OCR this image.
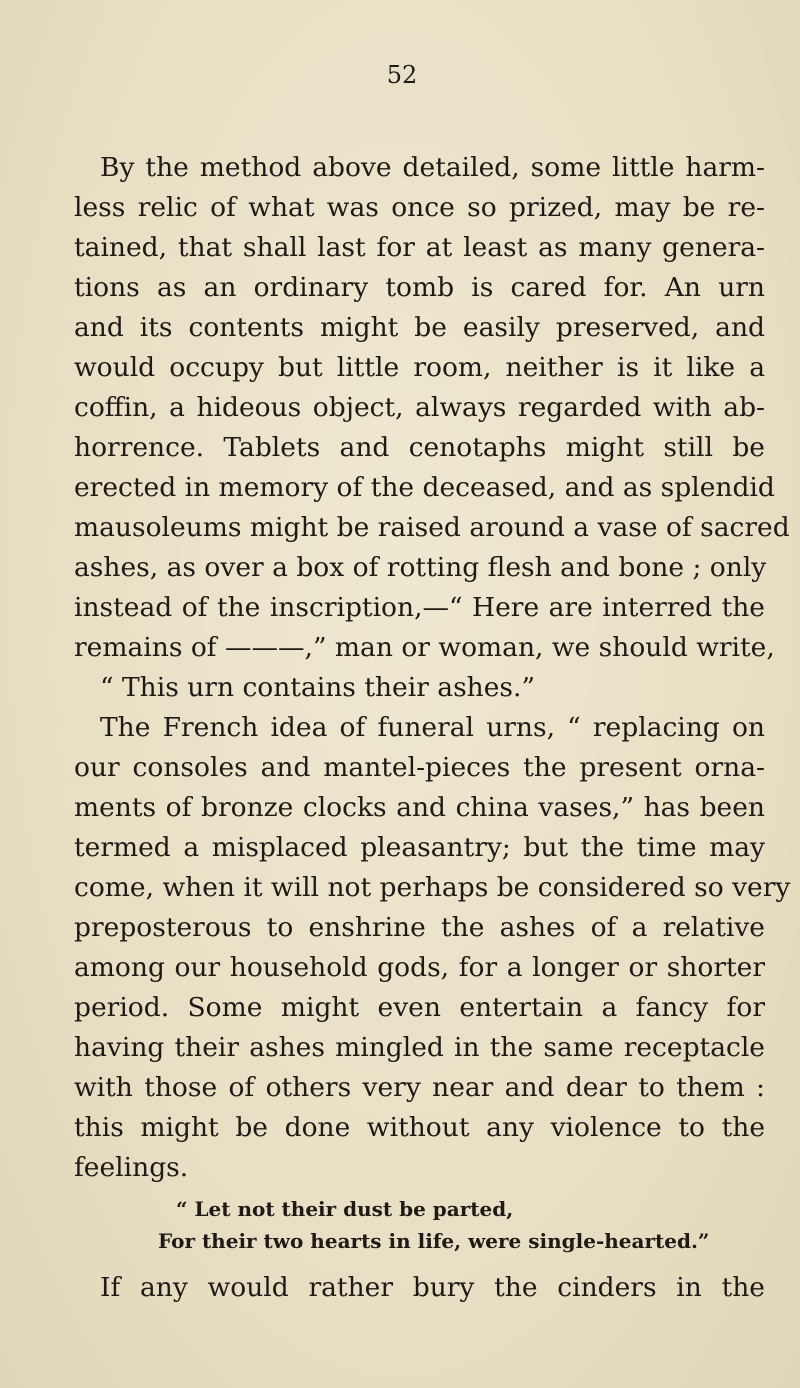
52
By the method above detailed, some little harm-
less relic of what was once so prized, may be re-
tained, that shall last for at least as many genera-
tions as an ordinary tomb is cared for. An urn
and its contents might be easily preserved, and
would occupy but little room, neither is it like a
coffin, a hideous object, always regarded with ab-
horrence. Tablets and cenotaphs might still be
erected in memory of the deceased, and as splendid
mausoleums might be raised around a vase of sacred
ashes, as over a box of rotting flesh and bone ; only
instead of the inscription,—“ Here are interred the
remains of ———,” man or woman, we should write,
“ This urn contains their ashes.”
The French idea of funeral urns, “ replacing on
our consoles and mantel-pieces the present orna-
ments of bronze clocks and china vases,” has been
termed a misplaced pleasantry; but the time may
come, when it will not perhaps be considered so very
preposterous to enshrine the ashes of a relative
among our household gods, for a longer or shorter
period. Some might even entertain a fancy for
having their ashes mingled in the same receptacle
with those of others very near and dear to them :
this might be done without any violence to the
feelings.
“ Let not their dust be parted,
For their two hearts in life, were single-hearted.”
If any would rather bury the cinders in the
